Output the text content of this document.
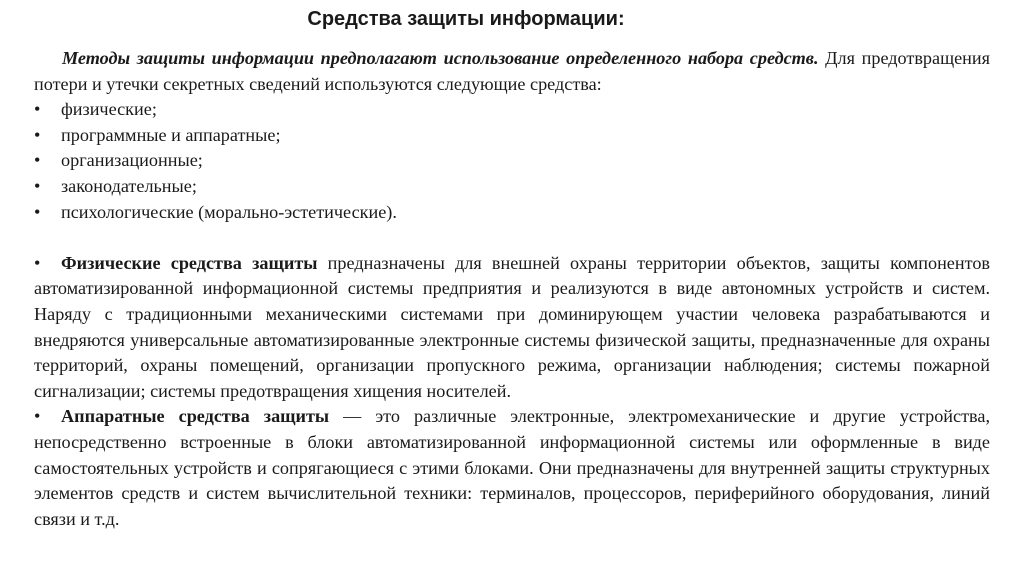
Средства защиты информации:

Методы защиты информации предполагают использование определенного набора средств. Для предотвращения потери и утечки секретных сведений используются следующие средства:

• физические;
• программные и аппаратные;
• организационные;
• законодательные;
• психологические (морально-эстетические).

• Физические средства защиты предназначены для внешней охраны территории объектов, защиты компонентов автоматизированной информационной системы предприятия и реализуются в виде автономных устройств и систем. Наряду с традиционными механическими системами при доминирующем участии человека разрабатываются и внедряются универсальные автоматизированные электронные системы физической защиты, предназначенные для охраны территорий, охраны помещений, организации пропускного режима, организации наблюдения; системы пожарной сигнализации; системы предотвращения хищения носителей.

• Аппаратные средства защиты — это различные электронные, электромеханические и другие устройства, непосредственно встроенные в блоки автоматизированной информационной системы или оформленные в виде самостоятельных устройств и сопрягающиеся с этими блоками. Они предназначены для внутренней защиты структурных элементов средств и систем вычислительной техники: терминалов, процессоров, периферийного оборудования, линий связи и т.д.
